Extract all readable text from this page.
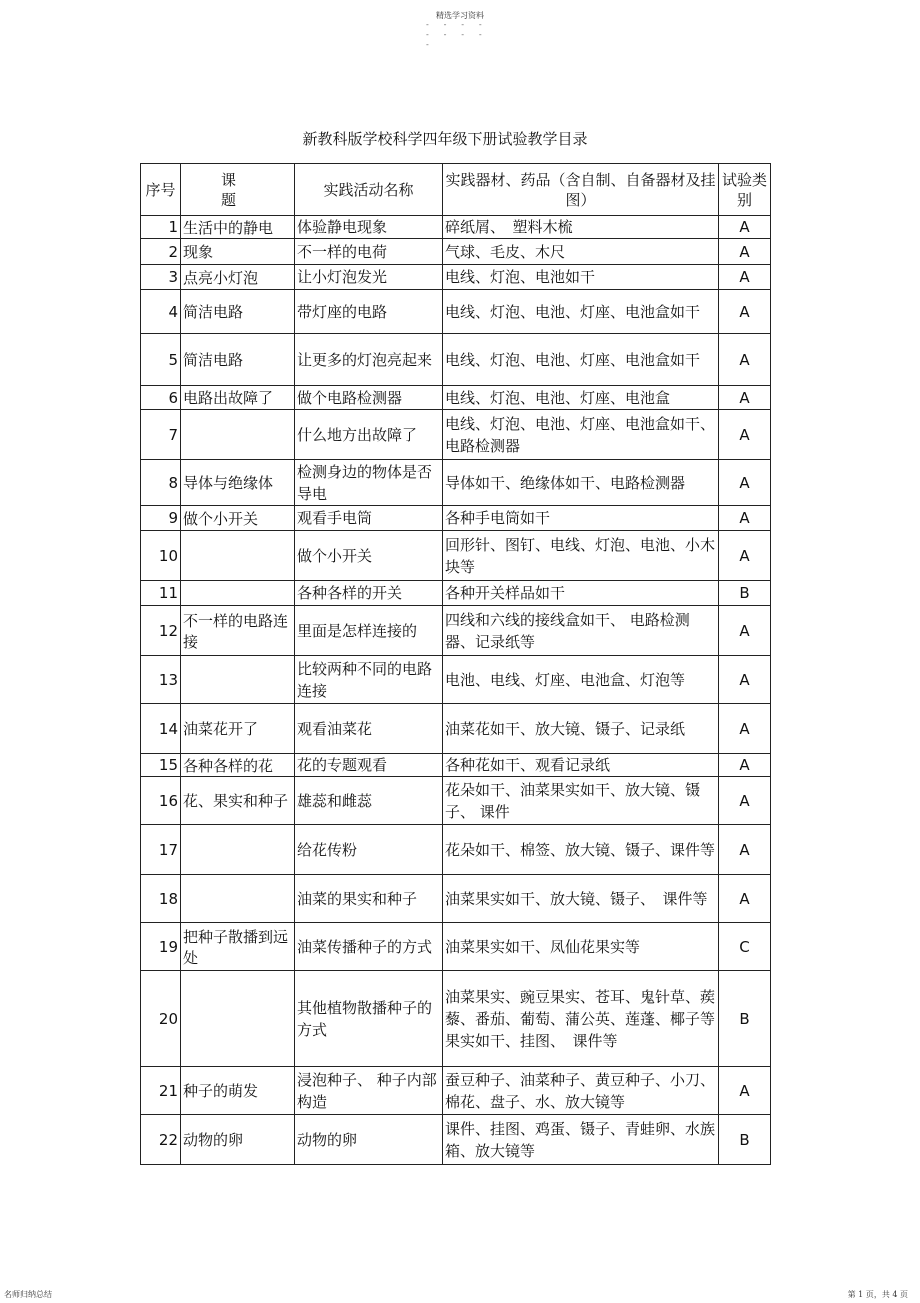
精选学习资料
- - - - - - - - -
新教科版学校科学四年级下册试验教学目录
序号	课　　题	实践活动名称	实践器材、药品（含自制、自备器材及挂图）	试验类别
1	生活中的静电	体验静电现象	碎纸屑、　塑料木梳	A
2	现象	不一样的电荷	气球、毛皮、木尺	A
3	点亮小灯泡	让小灯泡发光	电线、灯泡、电池如干	A
4	简洁电路	带灯座的电路	电线、灯泡、电池、灯座、电池盒如干	A
5	简洁电路	让更多的灯泡亮起来	电线、灯泡、电池、灯座、电池盒如干	A
6	电路出故障了	做个电路检测器	电线、灯泡、电池、灯座、电池盒	A
7		什么地方出故障了	电线、灯泡、电池、灯座、电池盒如干、电路检测器	A
8	导体与绝缘体	检测身边的物体是否导电	导体如干、绝缘体如干、电路检测器	A
9	做个小开关	观看手电筒	各种手电筒如干	A
10		做个小开关	回形针、图钉、电线、灯泡、电池、小木块等	A
11		各种各样的开关	各种开关样品如干	B
12	不一样的电路连接	里面是怎样连接的	四线和六线的接线盒如干、 电路检测器、记录纸等	A
13		比较两种不同的电路连接	电池、电线、灯座、电池盒、灯泡等	A
14	油菜花开了	观看油菜花	油菜花如干、放大镜、镊子、记录纸	A
15	各种各样的花	花的专题观看	各种花如干、观看记录纸	A
16	花、果实和种子	雄蕊和雌蕊	花朵如干、油菜果实如干、放大镜、镊子、 课件	A
17		给花传粉	花朵如干、棉签、放大镜、镊子、课件等	A
18		油菜的果实和种子	油菜果实如干、放大镜、镊子、　课件等	A
19	把种子散播到远处	油菜传播种子的方式	油菜果实如干、凤仙花果实等	C
20		其他植物散播种子的方式	油菜果实、豌豆果实、苍耳、鬼针草、蒺藜、番茄、葡萄、蒲公英、莲蓬、椰子等果实如干、挂图、　课件等	B
21	种子的萌发	浸泡种子、 种子内部构造	蚕豆种子、油菜种子、黄豆种子、小刀、棉花、盘子、水、放大镜等	A
22	动物的卵	动物的卵	课件、挂图、鸡蛋、镊子、青蛙卵、水族箱、放大镜等	B
名师归纳总结	第 1 页，共 4 页
